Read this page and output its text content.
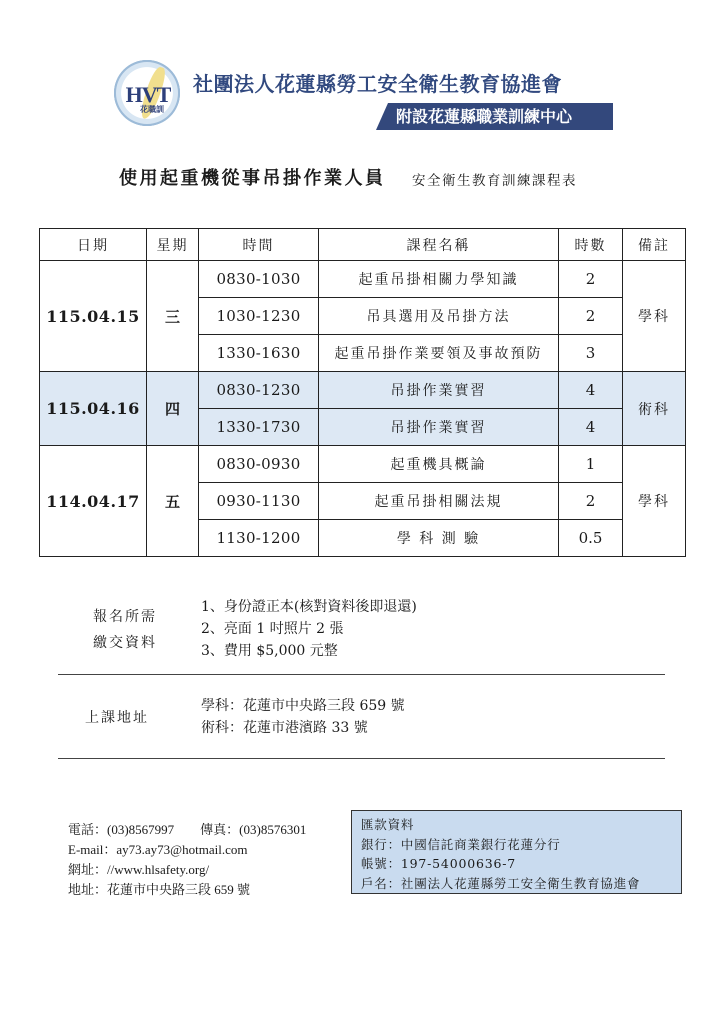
HVT
花職訓
社團法人花蓮縣勞工安全衛生教育協進會
附設花蓮縣職業訓練中心
使用起重機從事吊掛作業人員 安全衛生教育訓練課程表
日期	星期	時間	課程名稱	時數	備註
115.04.15	三	0830-1030	起重吊掛相關力學知識	2	學科
		1030-1230	吊具選用及吊掛方法	2	
		1330-1630	起重吊掛作業要領及事故預防	3	
115.04.16	四	0830-1230	吊掛作業實習	4	術科
		1330-1730	吊掛作業實習	4	
114.04.17	五	0830-0930	起重機具概論	1	學科
		0930-1130	起重吊掛相關法規	2	
		1130-1200	學 科 測 驗	0.5	
報名所需
繳交資料
1、身份證正本(核對資料後即退還)
2、亮面 1 吋照片 2 張
3、費用 $5,000 元整
上課地址
學科：花蓮市中央路三段 659 號
術科：花蓮市港濱路 33 號
電話：(03)8567997 傳真：(03)8576301
E-mail：ay73.ay73@hotmail.com
網址：//www.hlsafety.org/
地址：花蓮市中央路三段 659 號
匯款資料
銀行：中國信託商業銀行花蓮分行
帳號：197-54000636-7
戶名：社團法人花蓮縣勞工安全衛生教育協進會
